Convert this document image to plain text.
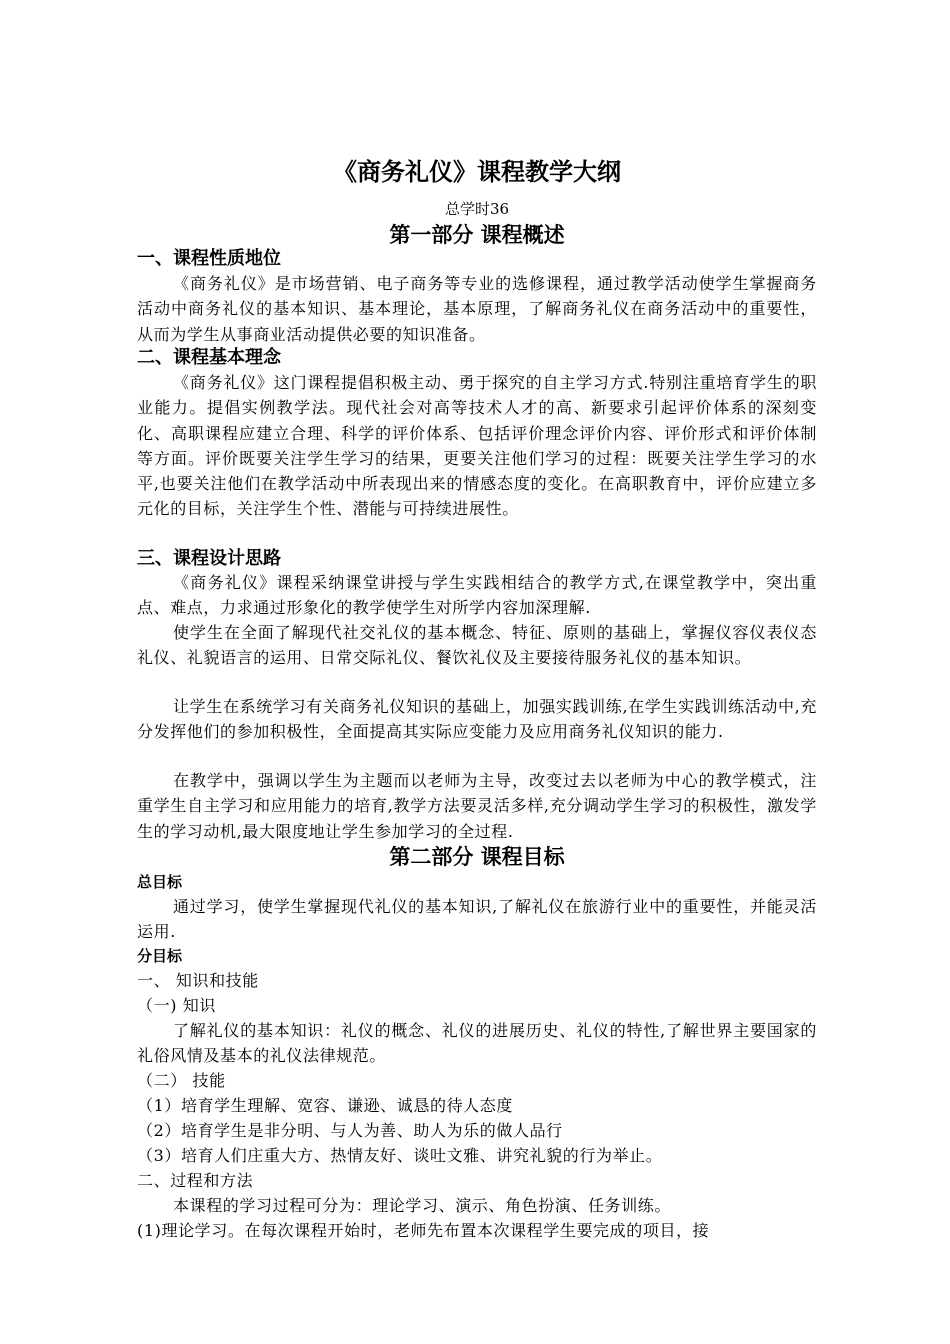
《商务礼仪》课程教学大纲
总学时36
第一部分 课程概述
一、课程性质地位
《商务礼仪》是市场营销、电子商务等专业的选修课程，通过教学活动使学生掌握商务活动中商务礼仪的基本知识、基本理论，基本原理，了解商务礼仪在商务活动中的重要性，从而为学生从事商业活动提供必要的知识准备。
二、课程基本理念
《商务礼仪》这门课程提倡积极主动、勇于探究的自主学习方式.特别注重培育学生的职业能力。提倡实例教学法。现代社会对高等技术人才的高、新要求引起评价体系的深刻变化、高职课程应建立合理、科学的评价体系、包括评价理念评价内容、评价形式和评价体制等方面。评价既要关注学生学习的结果，更要关注他们学习的过程：既要关注学生学习的水平,也要关注他们在教学活动中所表现出来的情感态度的变化。在高职教育中，评价应建立多元化的目标，关注学生个性、潜能与可持续进展性。
三、课程设计思路
《商务礼仪》课程采纳课堂讲授与学生实践相结合的教学方式,在课堂教学中，突出重点、难点，力求通过形象化的教学使学生对所学内容加深理解.
使学生在全面了解现代社交礼仪的基本概念、特征、原则的基础上，掌握仪容仪表仪态礼仪、礼貌语言的运用、日常交际礼仪、餐饮礼仪及主要接待服务礼仪的基本知识。
让学生在系统学习有关商务礼仪知识的基础上，加强实践训练,在学生实践训练活动中,充分发挥他们的参加积极性，全面提高其实际应变能力及应用商务礼仪知识的能力.
在教学中，强调以学生为主题而以老师为主导，改变过去以老师为中心的教学模式，注重学生自主学习和应用能力的培育,教学方法要灵活多样,充分调动学生学习的积极性，激发学生的学习动机,最大限度地让学生参加学习的全过程.
第二部分 课程目标
总目标
通过学习，使学生掌握现代礼仪的基本知识,了解礼仪在旅游行业中的重要性，并能灵活运用.
分目标
一、 知识和技能
（一) 知识
了解礼仪的基本知识：礼仪的概念、礼仪的进展历史、礼仪的特性,了解世界主要国家的礼俗风情及基本的礼仪法律规范。
（二） 技能
（1）培育学生理解、宽容、谦逊、诚恳的待人态度
（2）培育学生是非分明、与人为善、助人为乐的做人品行
（3）培育人们庄重大方、热情友好、谈吐文雅、讲究礼貌的行为举止。
二、过程和方法
本课程的学习过程可分为：理论学习、演示、角色扮演、任务训练。
(1)理论学习。在每次课程开始时，老师先布置本次课程学生要完成的项目，接
